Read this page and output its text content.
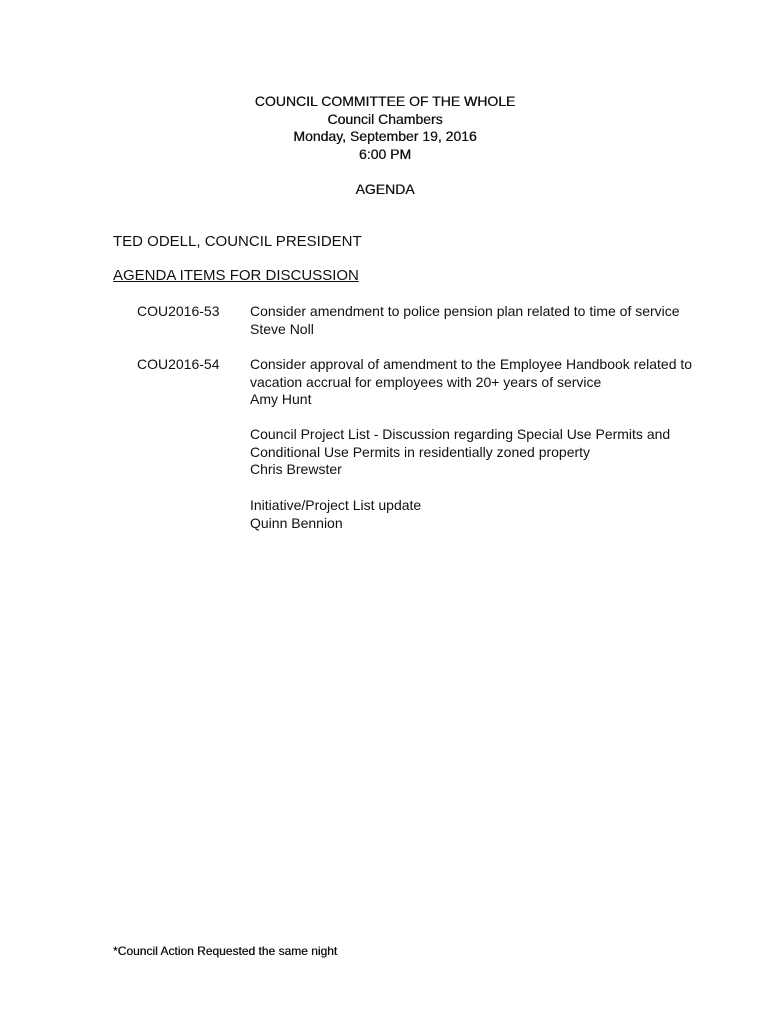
COUNCIL COMMITTEE OF THE WHOLE
Council Chambers
Monday, September 19, 2016
6:00 PM
AGENDA
TED ODELL, COUNCIL PRESIDENT
AGENDA ITEMS FOR DISCUSSION
COU2016-53 Consider amendment to police pension plan related to time of service
Steve Noll
COU2016-54 Consider approval of amendment to the Employee Handbook related to
vacation accrual for employees with 20+ years of service
Amy Hunt
Council Project List - Discussion regarding Special Use Permits and
Conditional Use Permits in residentially zoned property
Chris Brewster
Initiative/Project List update
Quinn Bennion
*Council Action Requested the same night
